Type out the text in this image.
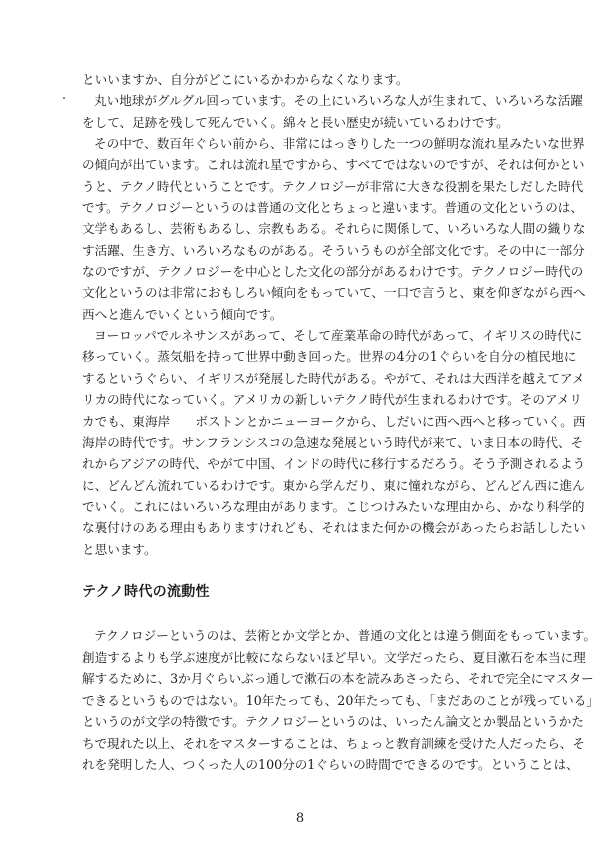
といいますか、自分がどこにいるかわからなくなります。
丸い地球がグルグル回っています。その上にいろいろな人が生まれて、いろいろな活躍
をして、足跡を残して死んでいく。綿々と長い歴史が続いているわけです。
その中で、数百年ぐらい前から、非常にはっきりした一つの鮮明な流れ星みたいな世界
の傾向が出ています。これは流れ星ですから、すべてではないのですが、それは何かとい
うと、テクノ時代ということです。テクノロジーが非常に大きな役割を果たしだした時代
です。テクノロジーというのは普通の文化とちょっと違います。普通の文化というのは、
文学もあるし、芸術もあるし、宗教もある。それらに関係して、いろいろな人間の織りな
す活躍、生き方、いろいろなものがある。そういうものが全部文化です。その中に一部分
なのですが、テクノロジーを中心とした文化の部分があるわけです。テクノロジー時代の
文化というのは非常におもしろい傾向をもっていて、一口で言うと、東を仰ぎながら西へ
西へと進んでいくという傾向です。
ヨーロッパでルネサンスがあって、そして産業革命の時代があって、イギリスの時代に
移っていく。蒸気船を持って世界中動き回った。世界の4分の1ぐらいを自分の植民地に
するというぐらい、イギリスが発展した時代がある。やがて、それは大西洋を越えてアメ
リカの時代になっていく。アメリカの新しいテクノ時代が生まれるわけです。そのアメリ
カでも、東海岸　　ボストンとかニューヨークから、しだいに西へ西へと移っていく。西
海岸の時代です。サンフランシスコの急速な発展という時代が来て、いま日本の時代、そ
れからアジアの時代、やがて中国、インドの時代に移行するだろう。そう予測されるよう
に、どんどん流れているわけです。東から学んだり、東に憧れながら、どんどん西に進ん
でいく。これにはいろいろな理由があります。こじつけみたいな理由から、かなり科学的
な裏付けのある理由もありますけれども、それはまた何かの機会があったらお話ししたい
と思います。
テクノ時代の流動性
テクノロジーというのは、芸術とか文学とか、普通の文化とは違う側面をもっています。
創造するよりも学ぶ速度が比較にならないほど早い。文学だったら、夏目漱石を本当に理
解するために、3か月ぐらいぶっ通しで漱石の本を読みあさったら、それで完全にマスター
できるというものではない。10年たっても、20年たっても、「まだあのことが残っている」
というのが文学の特徴です。テクノロジーというのは、いったん論文とか製品というかた
ちで現れた以上、それをマスターすることは、ちょっと教育訓練を受けた人だったら、そ
れを発明した人、つくった人の100分の1ぐらいの時間でできるのです。ということは、
8
